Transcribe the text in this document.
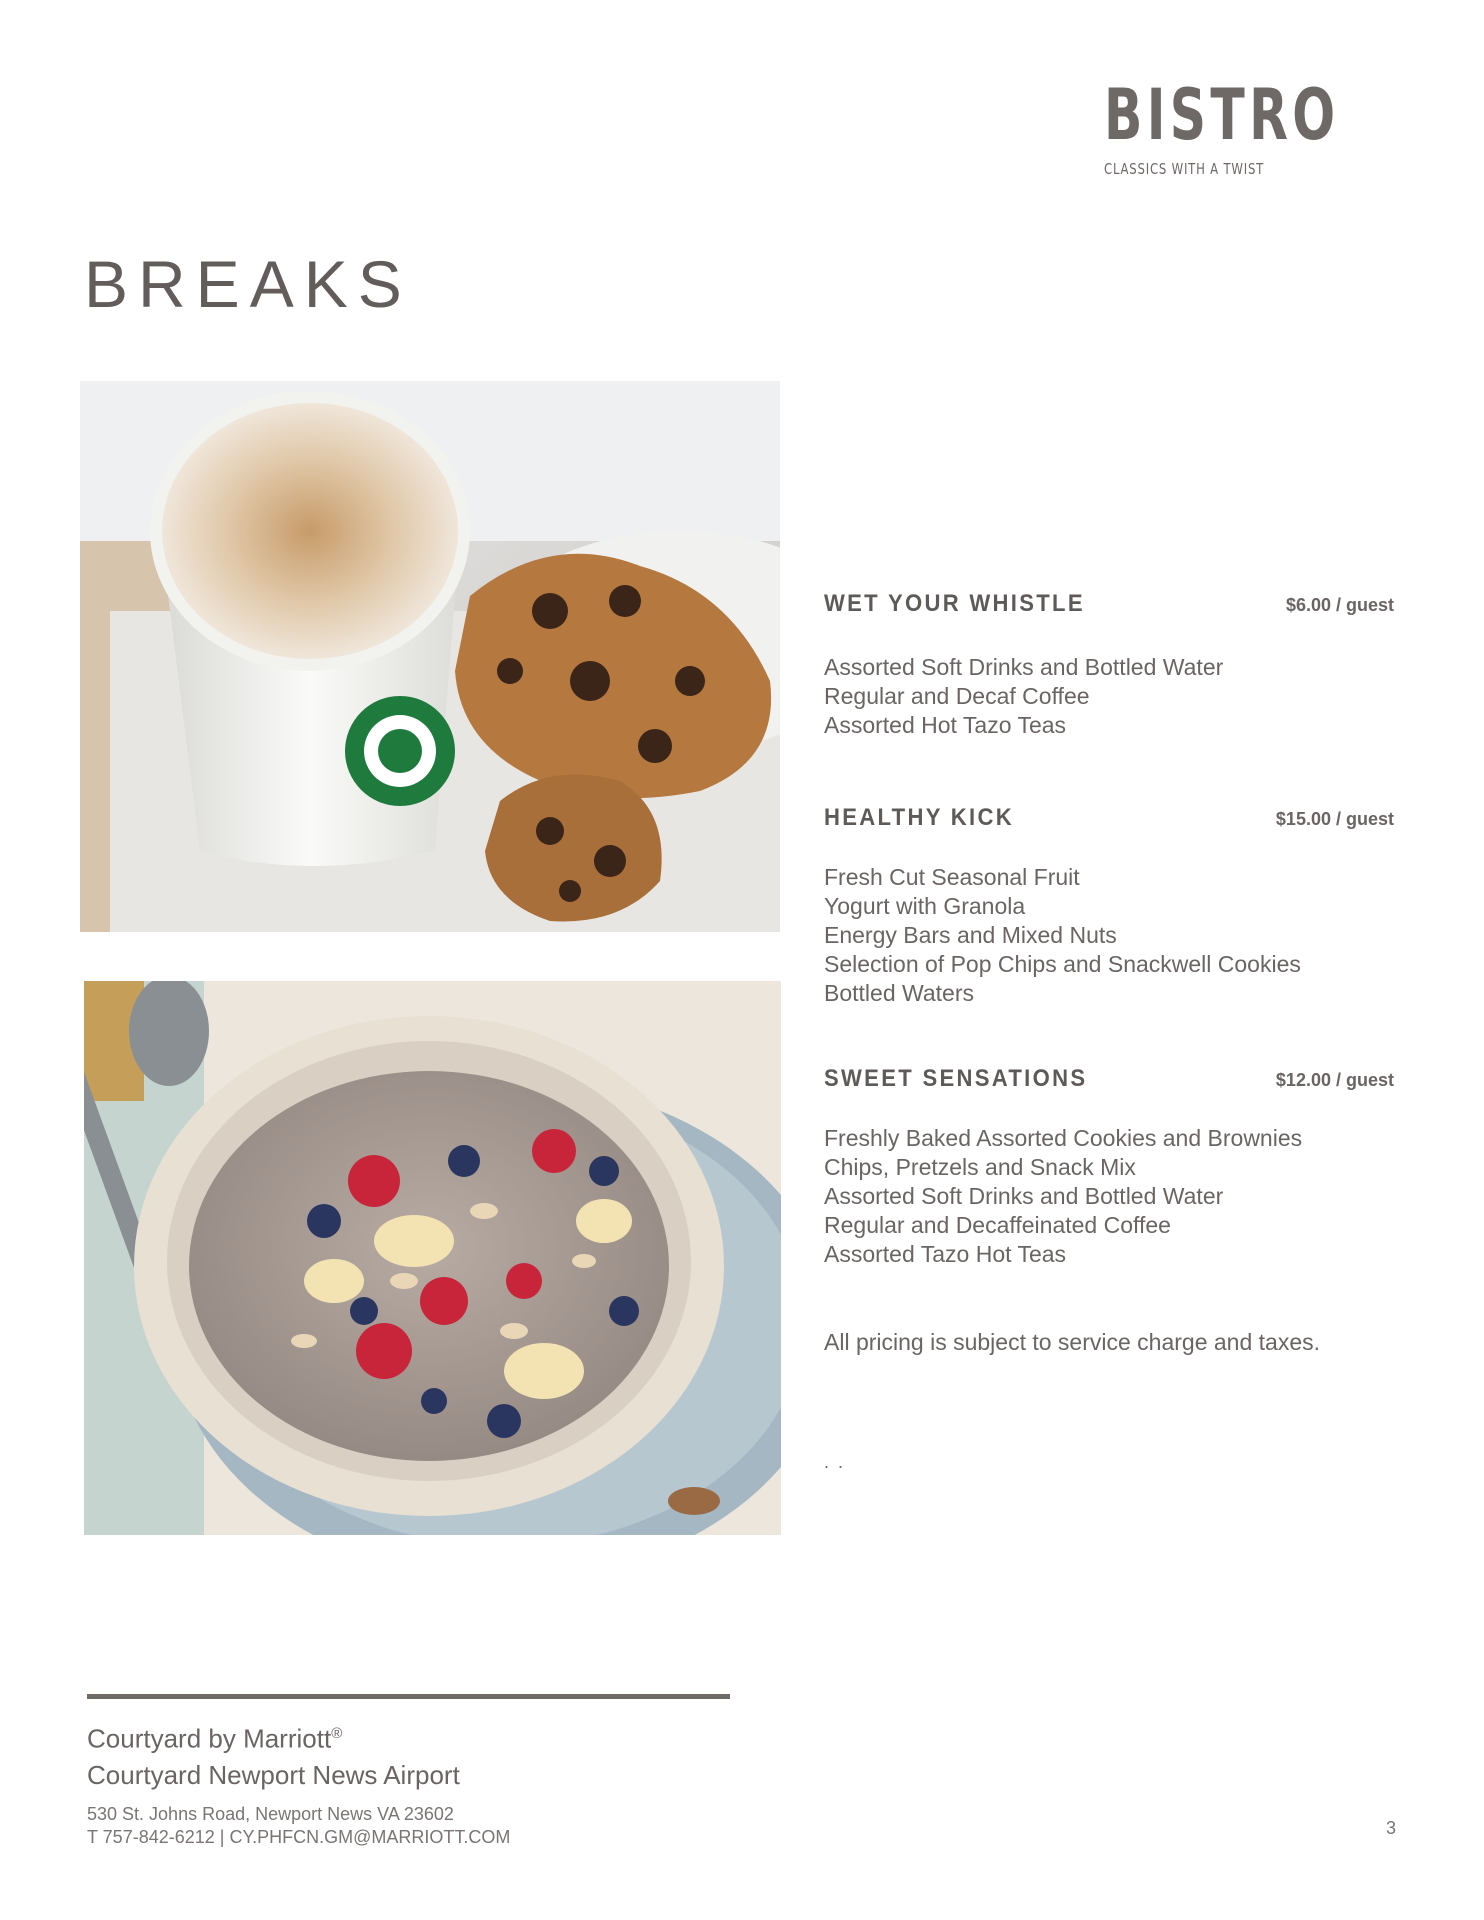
BISTRO
CLASSICS WITH A TWIST
BREAKS
WET YOUR WHISTLE	$6.00 / guest
Assorted Soft Drinks and Bottled Water
Regular and Decaf Coffee
Assorted Hot Tazo Teas
HEALTHY KICK	$15.00 / guest
Fresh Cut Seasonal Fruit
Yogurt with Granola
Energy Bars and Mixed Nuts
Selection of Pop Chips and Snackwell Cookies
Bottled Waters
SWEET SENSATIONS	$12.00 / guest
Freshly Baked Assorted Cookies and Brownies
Chips, Pretzels and Snack Mix
Assorted Soft Drinks and Bottled Water
Regular and Decaffeinated Coffee
Assorted Tazo Hot Teas
All pricing is subject to service charge and taxes.
. .
Courtyard by Marriott®
Courtyard Newport News Airport
530 St. Johns Road, Newport News VA 23602
T 757-842-6212 | CY.PHFCN.GM@MARRIOTT.COM	3
